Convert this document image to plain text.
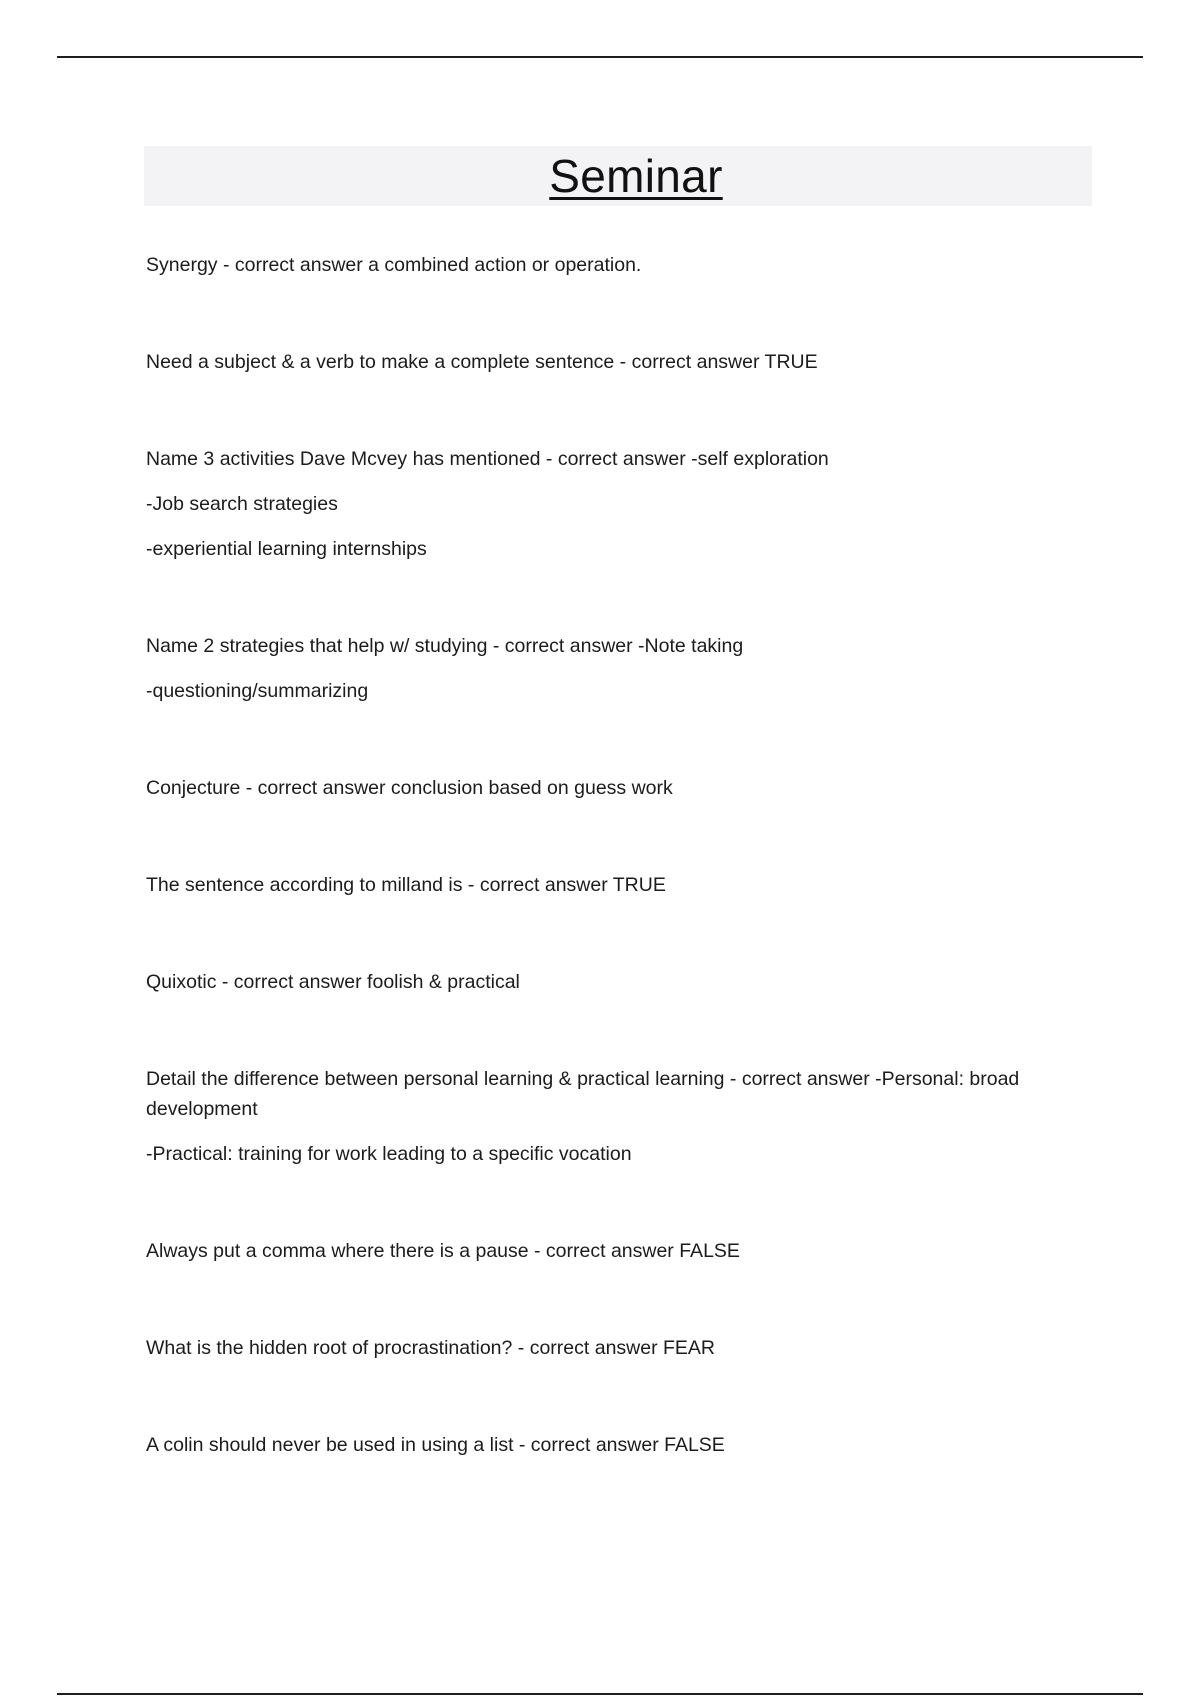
Seminar

Synergy - correct answer a combined action or operation.

Need a subject & a verb to make a complete sentence - correct answer TRUE

Name 3 activities Dave Mcvey has mentioned - correct answer -self exploration

-Job search strategies

-experiential learning internships

Name 2 strategies that help w/ studying - correct answer -Note taking

-questioning/summarizing

Conjecture - correct answer conclusion based on guess work

The sentence according to milland is - correct answer TRUE

Quixotic - correct answer foolish & practical

Detail the difference between personal learning & practical learning - correct answer -Personal: broad development

-Practical: training for work leading to a specific vocation

Always put a comma where there is a pause - correct answer FALSE

What is the hidden root of procrastination? - correct answer FEAR

A colin should never be used in using a list - correct answer FALSE
